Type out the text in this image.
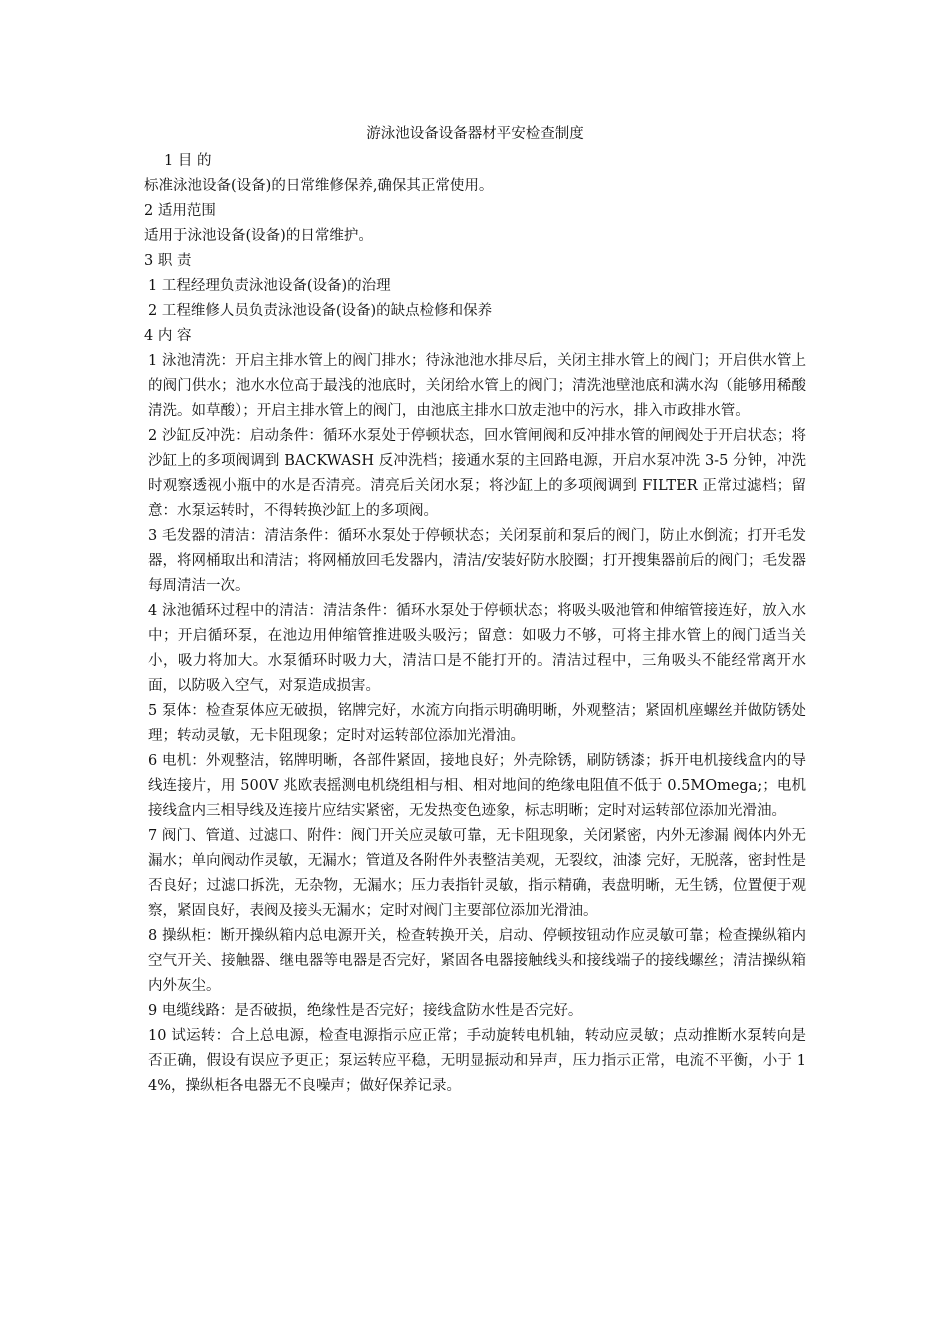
游泳池设备设备器材平安检查制度

1 目 的

标准泳池设备(设备)的日常维修保养,确保其正常使用。

2 适用范围

适用于泳池设备(设备)的日常维护。

3 职 责

1 工程经理负责泳池设备(设备)的治理

2 工程维修人员负责泳池设备(设备)的缺点检修和保养

4 内 容

1 泳池清洗：开启主排水管上的阀门排水；待泳池池水排尽后，关闭主排水管上的阀门；开启供水管上的阀门供水；池水水位高于最浅的池底时，关闭给水管上的阀门；清洗池壁池底和满水沟（能够用稀酸清洗。如草酸）；开启主排水管上的阀门，由池底主排水口放走池中的污水，排入市政排水管。

2 沙缸反冲洗：启动条件：循环水泵处于停顿状态，回水管闸阀和反冲排水管的闸阀处于开启状态；将沙缸上的多项阀调到 BACKWASH 反冲洗档；接通水泵的主回路电源，开启水泵冲洗 3-5 分钟，冲洗时观察透视小瓶中的水是否清亮。清亮后关闭水泵；将沙缸上的多项阀调到 FILTER 正常过滤档；留意：水泵运转时，不得转换沙缸上的多项阀。

3 毛发器的清洁：清洁条件：循环水泵处于停顿状态；关闭泵前和泵后的阀门，防止水倒流；打开毛发器，将网桶取出和清洁；将网桶放回毛发器内，清洁/安装好防水胶圈；打开搜集器前后的阀门；毛发器每周清洁一次。

4 泳池循环过程中的清洁：清洁条件：循环水泵处于停顿状态；将吸头吸池管和伸缩管接连好，放入水中；开启循环泵，在池边用伸缩管推进吸头吸污；留意：如吸力不够，可将主排水管上的阀门适当关小，吸力将加大。水泵循环时吸力大，清洁口是不能打开的。清洁过程中，三角吸头不能经常离开水面，以防吸入空气，对泵造成损害。

5 泵体：检查泵体应无破损，铭牌完好，水流方向指示明确明晰，外观整洁；紧固机座螺丝并做防锈处理；转动灵敏，无卡阻现象；定时对运转部位添加光滑油。

6 电机：外观整洁，铭牌明晰，各部件紧固，接地良好；外壳除锈，刷防锈漆；拆开电机接线盒内的导线连接片，用 500V 兆欧表摇测电机绕组相与相、相对地间的绝缘电阻值不低于 0.5MOmega;；电机接线盒内三相导线及连接片应结实紧密，无发热变色迹象，标志明晰；定时对运转部位添加光滑油。

7 阀门、管道、过滤口、附件：阀门开关应灵敏可靠，无卡阻现象，关闭紧密，内外无渗漏 阀体内外无漏水；单向阀动作灵敏，无漏水；管道及各附件外表整洁美观，无裂纹，油漆 完好，无脱落，密封性是否良好；过滤口拆洗，无杂物，无漏水；压力表指针灵敏，指示精确，表盘明晰，无生锈，位置便于观察，紧固良好，表阀及接头无漏水；定时对阀门主要部位添加光滑油。

8 操纵柜：断开操纵箱内总电源开关，检查转换开关，启动、停顿按钮动作应灵敏可靠；检查操纵箱内空气开关、接触器、继电器等电器是否完好，紧固各电器接触线头和接线端子的接线螺丝；清洁操纵箱内外灰尘。

9 电缆线路：是否破损，绝缘性是否完好；接线盒防水性是否完好。

10 试运转：合上总电源，检查电源指示应正常；手动旋转电机轴，转动应灵敏；点动推断水泵转向是否正确，假设有误应予更正；泵运转应平稳，无明显振动和异声，压力指示正常，电流不平衡，小于 14%，操纵柜各电器无不良噪声；做好保养记录。
